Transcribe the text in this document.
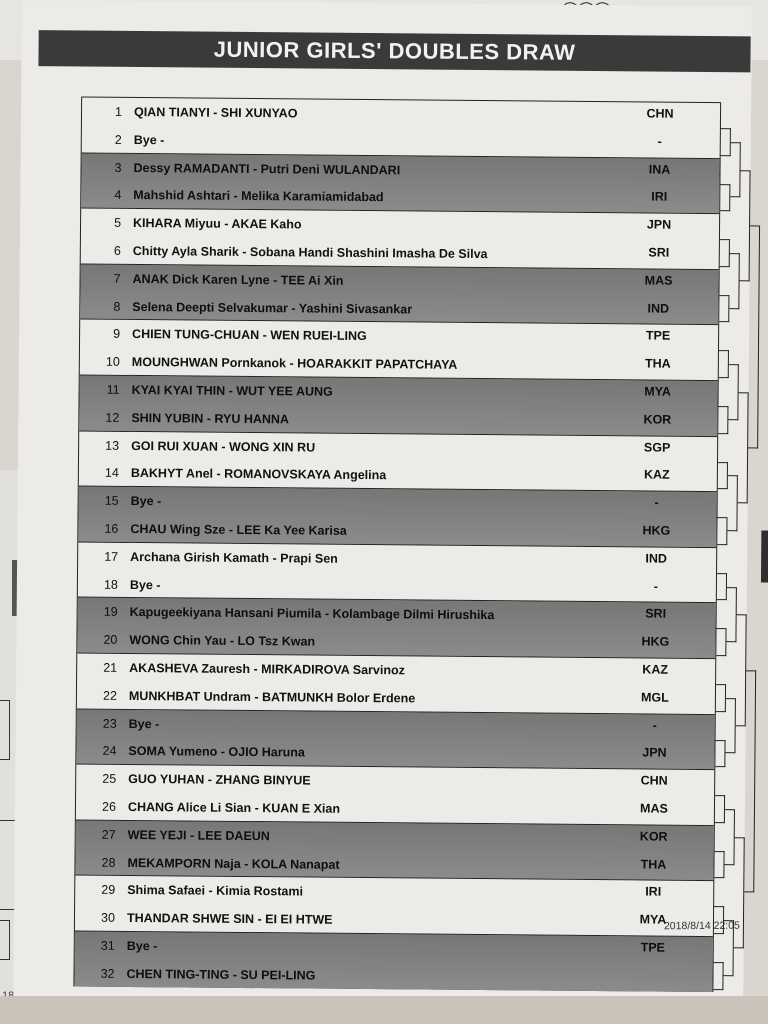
JUNIOR GIRLS' DOUBLES DRAW
1 QIAN TIANYI - SHI XUNYAO	CHN
2 Bye -	-
3 Dessy RAMADANTI - Putri Deni WULANDARI	INA
4 Mahshid Ashtari - Melika Karamiamidabad	IRI
5 KIHARA Miyuu - AKAE Kaho	JPN
6 Chitty Ayla Sharik - Sobana Handi Shashini Imasha De Silva	SRI
7 ANAK Dick Karen Lyne - TEE Ai Xin	MAS
8 Selena Deepti Selvakumar - Yashini Sivasankar	IND
9 CHIEN TUNG-CHUAN - WEN RUEI-LING	TPE
10 MOUNGHWAN Pornkanok - HOARAKKIT PAPATCHAYA	THA
11 KYAI KYAI THIN - WUT YEE AUNG	MYA
12 SHIN YUBIN - RYU HANNA	KOR
13 GOI RUI XUAN - WONG XIN RU	SGP
14 BAKHYT Anel - ROMANOVSKAYA Angelina	KAZ
15 Bye -	-
16 CHAU Wing Sze - LEE Ka Yee Karisa	HKG
17 Archana Girish Kamath - Prapi Sen	IND
18 Bye -	-
19 Kapugeekiyana Hansani Piumila - Kolambage Dilmi Hirushika	SRI
20 WONG Chin Yau - LO Tsz Kwan	HKG
21 AKASHEVA Zauresh - MIRKADIROVA Sarvinoz	KAZ
22 MUNKHBAT Undram - BATMUNKH Bolor Erdene	MGL
23 Bye -	-
24 SOMA Yumeno - OJIO Haruna	JPN
25 GUO YUHAN - ZHANG BINYUE	CHN
26 CHANG Alice Li Sian - KUAN E Xian	MAS
27 WEE YEJI - LEE DAEUN	KOR
28 MEKAMPORN Naja - KOLA Nanapat	THA
29 Shima Safaei - Kimia Rostami	IRI
30 THANDAR SHWE SIN - EI EI HTWE	MYA
31 Bye -	TPE
32 CHEN TING-TING - SU PEI-LING
2018/8/14 22:05
